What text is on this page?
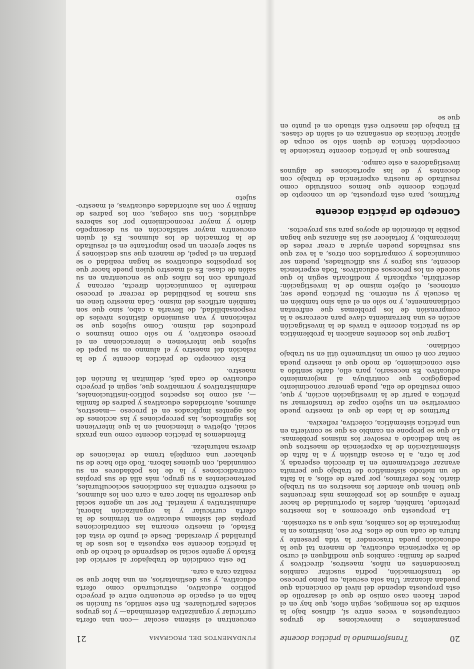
20
Transformando la práctica docente

pensamientos e innovaciones de grupos contrapuestos a veces entre sí, difusos bajo la sombra de los enemigos, según ellos, que hay en el poder. Hacen caso omiso de que el desarrollo de esta propuesta depende del nivel de conciencia que puedan alcanzar. Una sola escuela, en pleno proceso de transformación, podría suscitar cambios trascendentes en niños, maestros, directivos y padres de familia: cambios que modifiquen el curso de la experiencia educativa, de manera tal que la educación pueda trascender la vida presente y futura de cada uno de ellos. Por eso, insistimos en la importancia de los cambios, más que a su extensión.

La propuesta que ofrecemos a los maestros pretende, también, darles la oportunidad de hacer frente a algunos de los problemas más frecuentes que tienen que atender los maestros en su trabajo diario. Nos referimos, por parte de ellos, a la falta de un método sistemático de trabajo que permita avanzar efectivamente en la dirección esperada y, por la otra, a la escasa difusión y a la falta de sistematización de la experiencia de maestros que se han dedicado a resolver los mismos problemas. Lo que se propone en cambio es que se convierta en una práctica sistemática, colectiva, reflexiva.

Partimos de la idea de que el maestro puede convertirse en un sujeto capaz de transformar su práctica a partir de la investigación acción, y que, como resultado de ella, pueda generar conocimiento pedagógico que contribuya al mejoramiento educativo. Es necesario, para ello, darle sentido a este conocimiento, de modo que el maestro pueda contar con él como un instrumento útil en su trabajo cotidiano.

Lograr que los docentes analicen la problemática de su práctica docente a través de la investigación acción es una herramienta clave para acercarse a la comprensión de los problemas que enfrentan cotidianamente, y no sólo en el aula sino también en la escuela y su entorno. Su práctica puede ser, entonces, el objeto mismo de la investigación: describirla, explicarla y modificarla según lo que sucede en los procesos educativos. Toda experiencia docente, sus logros y sus dificultades, pueden ser comunicados y compartidos con otros, a la vez que sus resultados pueden ayudar a crear redes de intercambio, y fortalecer así las alianzas que hagan posible la obtención de apoyos para sus proyectos.

Concepto de práctica docente

Partimos, para esta propuesta, de un concepto de práctica docente que hemos construido como resultado de nuestra experiencia de trabajo con docentes y de las aportaciones de algunos investigadores a este campo.

Pensamos que la práctica docente trasciende la concepción técnica de quien sólo se ocupa de aplicar técnicas de enseñanza en el salón de clases. El trabajo del maestro está situado en el punto en que se

FUNDAMENTOS DEL PROGRAMA
21

encuentran el sistema escolar —con una oferta curricular y organizativa determinada— y los grupos sociales particulares. En este sentido, su función se halla en el espacio de encuentro entre el proyecto político educativo, estructurado como oferta educativa, y sus destinatarios, en una labor que se realiza cara a cara.

De esta condición de trabajador al servicio del Estado y agente social se desprende el hecho de que la práctica docente sea expuesta a los usos de la pluralidad y diversidad. Desde el punto de vista del Estado, el maestro encarna las contradicciones propias del sistema educativo en términos de la oferta curricular y la organización laboral, administrativa y material. Por ser un agente social que desarrolla su labor cara a cara con los alumnos, el maestro enfrenta las condiciones socioculturales, pertenecientes a su grupo, más allá de sus propias contradicciones y la de los pobladores en su comunidad, con quienes labora. Todo ello hace de su quehacer una compleja trama de relaciones de diversa naturaleza.

Entendemos la práctica docente como una praxis social, objetiva e intencional en la que intervienen los significados, las percepciones y las acciones de los agentes implicados en el proceso —maestros, alumnos, autoridades educativas y padres de familia—, así como los aspectos político-institucionales, administrativos y normativos que, según el proyecto educativo de cada país, delimitan la función del maestro.

Este concepto de práctica docente y de la relación del maestro y el alumno en su papel de sujetos que intervienen e interaccionan en el proceso educativo, y no sólo como insumos o productos del mismo. Como sujetos que se relacionan y van asumiendo distintos niveles de responsabilidad, de llevarla a cabo, sino que son también artífices del mismo. Cada maestro tiene en sus manos la posibilidad de recrear el proceso mediante la comunicación directa, cercana y profunda con los niños que se encuentran en su salón de clase. Es el maestro quien puede hacer que los propósitos educativos se hagan realidad o se pierdan en el papel, de manera que sus decisiones y su saber ejercen un peso importante en el resultado de la formación de los alumnos. Es él quien encuentra mayor satisfacción en su desempeño diario y mayor reconocimiento por los saberes adquiridos. Con sus colegas, con los padres de familia y con las autoridades educativas, el maestro-sujeto
